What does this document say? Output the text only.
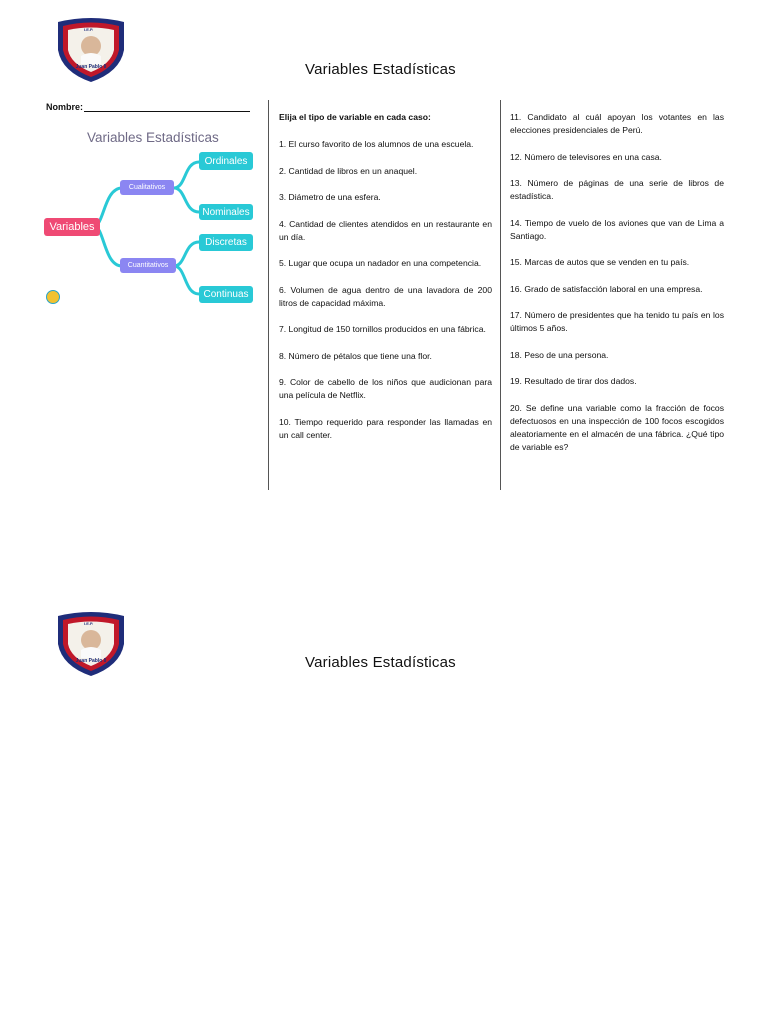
I.E.P.
Juan Pablo II	Variables Estadísticas
Nombre:
Variables Estadísticas
Variables
Cualitativos
Cuantitativos
Ordinales
Nominales
Discretas
Continuas

Elija el tipo de variable en cada caso:

1. El curso favorito de los alumnos de una escuela.

2. Cantidad de libros en un anaquel.

3. Diámetro de una esfera.

4. Cantidad de clientes atendidos en un restaurante en un día.

5. Lugar que ocupa un nadador en una competencia.

6. Volumen de agua dentro de una lavadora de 200 litros de capacidad máxima.

7. Longitud de 150 tornillos producidos en una fábrica.

8. Número de pétalos que tiene una flor.

9. Color de cabello de los niños que audicionan para una película de Netflix.

10. Tiempo requerido para responder las llamadas en un call center.

11. Candidato al cuál apoyan los votantes en las elecciones presidenciales de Perú.

12. Número de televisores en una casa.

13. Número de páginas de una serie de libros de estadística.

14. Tiempo de vuelo de los aviones que van de Lima a Santiago.

15. Marcas de autos que se venden en tu país.

16. Grado de satisfacción laboral en una empresa.

17. Número de presidentes que ha tenido tu país en los últimos 5 años.

18. Peso de una persona.

19. Resultado de tirar dos dados.

20. Se define una variable como la fracción de focos defectuosos en una inspección de 100 focos escogidos aleatoriamente en el almacén de una fábrica. ¿Qué tipo de variable es?

I.E.P.
Juan Pablo II	Variables Estadísticas
